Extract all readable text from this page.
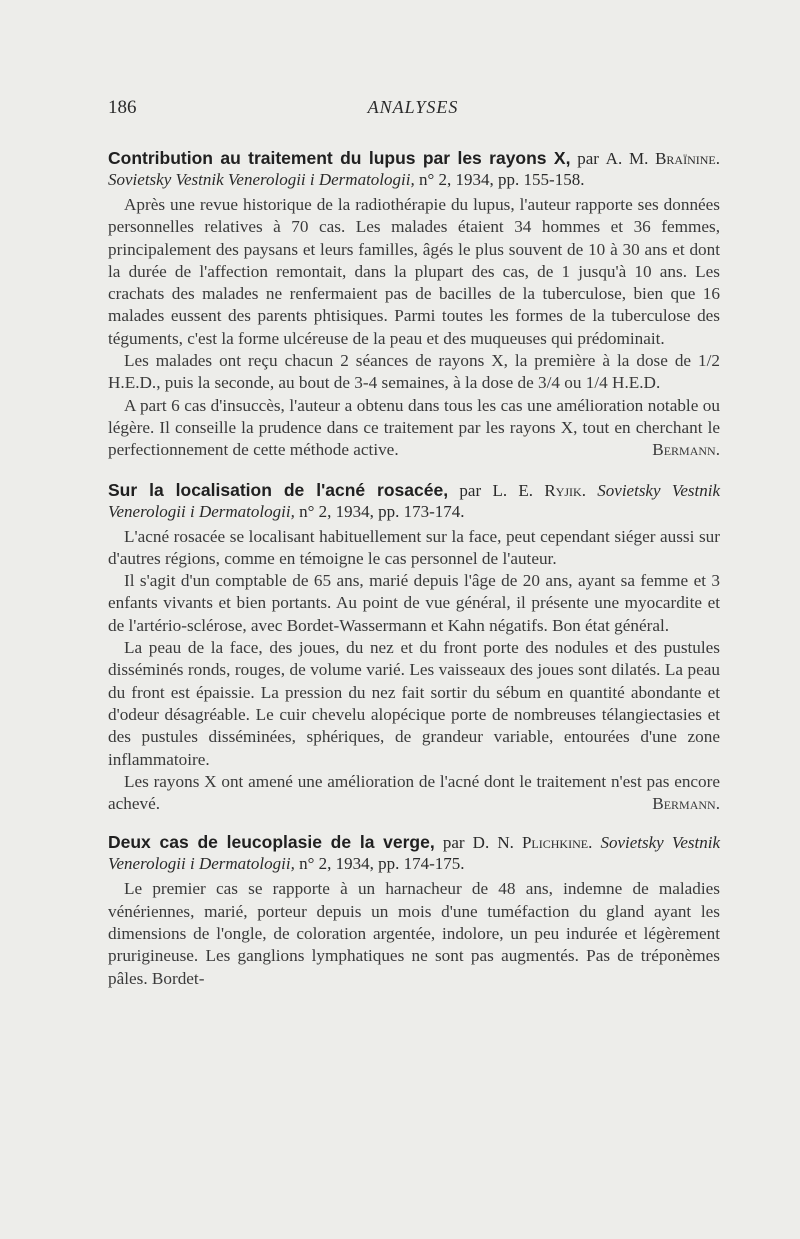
186	ANALYSES

Contribution au traitement du lupus par les rayons X, par A. M. Braïnine. Sovietsky Vestnik Venerologii i Dermatologii, n° 2, 1934, pp. 155-158.

Après une revue historique de la radiothérapie du lupus, l'auteur rapporte ses données personnelles relatives à 70 cas. Les malades étaient 34 hommes et 36 femmes, principalement des paysans et leurs familles, âgés le plus souvent de 10 à 30 ans et dont la durée de l'affection remontait, dans la plupart des cas, de 1 jusqu'à 10 ans. Les crachats des malades ne renfermaient pas de bacilles de la tuberculose, bien que 16 malades eussent des parents phtisiques. Parmi toutes les formes de la tuberculose des téguments, c'est la forme ulcéreuse de la peau et des muqueuses qui prédominait.

Les malades ont reçu chacun 2 séances de rayons X, la première à la dose de 1/2 H.E.D., puis la seconde, au bout de 3-4 semaines, à la dose de 3/4 ou 1/4 H.E.D.

A part 6 cas d'insuccès, l'auteur a obtenu dans tous les cas une amélioration notable ou légère. Il conseille la prudence dans ce traitement par les rayons X, tout en cherchant le perfectionnement de cette méthode active.	Bermann.

Sur la localisation de l'acné rosacée, par L. E. Ryjik. Sovietsky Vestnik Venerologii i Dermatologii, n° 2, 1934, pp. 173-174.

L'acné rosacée se localisant habituellement sur la face, peut cependant siéger aussi sur d'autres régions, comme en témoigne le cas personnel de l'auteur.

Il s'agit d'un comptable de 65 ans, marié depuis l'âge de 20 ans, ayant sa femme et 3 enfants vivants et bien portants. Au point de vue général, il présente une myocardite et de l'artério-sclérose, avec Bordet-Wassermann et Kahn négatifs. Bon état général.

La peau de la face, des joues, du nez et du front porte des nodules et des pustules disséminés ronds, rouges, de volume varié. Les vaisseaux des joues sont dilatés. La peau du front est épaissie. La pression du nez fait sortir du sébum en quantité abondante et d'odeur désagréable. Le cuir chevelu alopécique porte de nombreuses télangiectasies et des pustules disséminées, sphériques, de grandeur variable, entourées d'une zone inflammatoire.

Les rayons X ont amené une amélioration de l'acné dont le traitement n'est pas encore achevé.	Bermann.

Deux cas de leucoplasie de la verge, par D. N. Plichkine. Sovietsky Vestnik Venerologii i Dermatologii, n° 2, 1934, pp. 174-175.

Le premier cas se rapporte à un harnacheur de 48 ans, indemne de maladies vénériennes, marié, porteur depuis un mois d'une tuméfaction du gland ayant les dimensions de l'ongle, de coloration argentée, indolore, un peu indurée et légèrement prurigineuse. Les ganglions lymphatiques ne sont pas augmentés. Pas de tréponèmes pâles. Bordet-
